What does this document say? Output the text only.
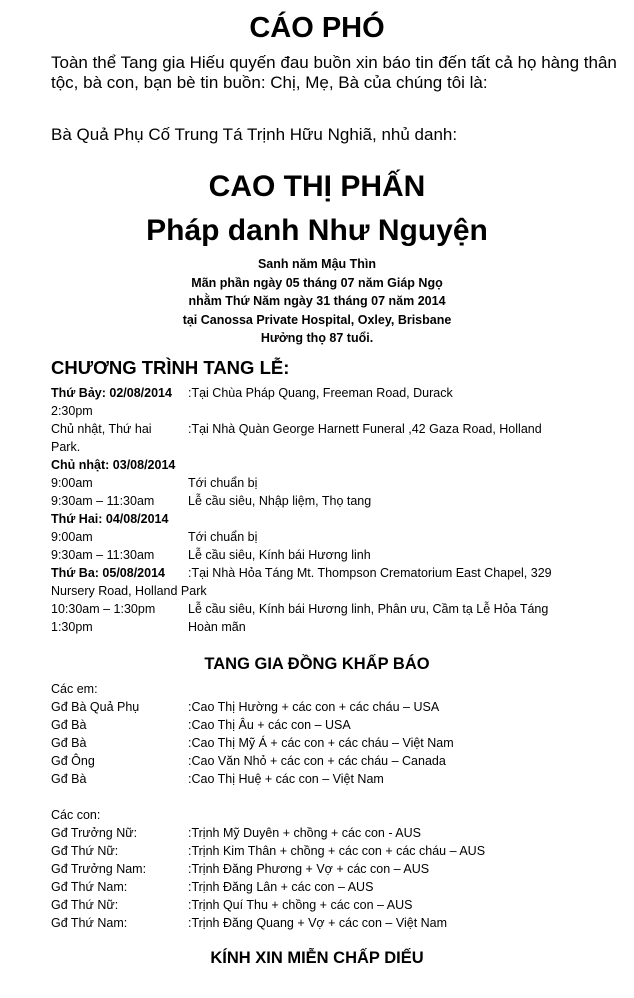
CÁO PHÓ
Toàn thể Tang gia Hiếu quyến đau buồn xin báo tin đến tất cả họ hàng thân tộc, bà con, bạn bè tin buồn: Chị, Mẹ, Bà của chúng tôi là:
Bà Quả Phụ Cố Trung Tá Trịnh Hữu Nghiã, nhủ danh:
CAO THỊ PHẤN
Pháp danh Như Nguyện
Sanh năm Mậu Thìn
Mãn phần ngày 05 tháng 07 năm Giáp Ngọ
nhằm Thứ Năm ngày 31 tháng 07 năm 2014
tại Canossa Private Hospital, Oxley, Brisbane
Hưởng thọ 87 tuổi.
CHƯƠNG TRÌNH TANG LỄ:
Thứ Bảy: 02/08/2014 :Tại Chùa Pháp Quang, Freeman Road, Durack
2:30pm
Chủ nhật, Thứ hai	:Tại Nhà Quàn George Harnett Funeral ,42 Gaza Road, Holland
Park.
Chủ nhật: 03/08/2014
9:00am	Tới chuẩn bị
9:30am – 11:30am	Lễ cầu siêu, Nhập liệm, Thọ tang
Thứ Hai: 04/08/2014
9:00am	Tới chuẩn bị
9:30am – 11:30am	Lễ cầu siêu, Kính bái Hương linh
Thứ Ba: 05/08/2014 :Tại Nhà Hỏa Táng Mt. Thompson Crematorium East Chapel, 329
Nursery Road, Holland Park
10:30am – 1:30pm	Lễ cầu siêu, Kính bái Hương linh, Phân ưu, Cầm tạ Lễ Hỏa Táng
1:30pm	Hoàn mãn
TANG GIA ĐỒNG KHẤP BÁO
Các em:
Gđ Bà Quả Phụ	:Cao Thị Hường + các con + các cháu – USA
Gđ Bà	:Cao Thị Âu + các con – USA
Gđ Bà	:Cao Thị Mỹ Á + các con + các cháu – Việt Nam
Gđ Ông	:Cao Văn Nhỏ + các con + các cháu – Canada
Gđ Bà	:Cao Thị Huệ + các con – Việt Nam
Các con:
Gđ Trưởng Nữ:	:Trịnh Mỹ Duyên + chồng + các con - AUS
Gđ Thứ Nữ:	:Trịnh Kim Thân + chồng + các con + các cháu – AUS
Gđ Trưởng Nam:	:Trịnh Đăng Phương + Vợ + các con – AUS
Gđ Thứ Nam:	:Trịnh Đăng Lân + các con – AUS
Gđ Thứ Nữ:	:Trịnh Quí Thu + chồng + các con – AUS
Gđ Thứ Nam:	:Trịnh Đăng Quang + Vợ + các con – Việt Nam
KÍNH XIN MIỄN CHẤP DIẾU
